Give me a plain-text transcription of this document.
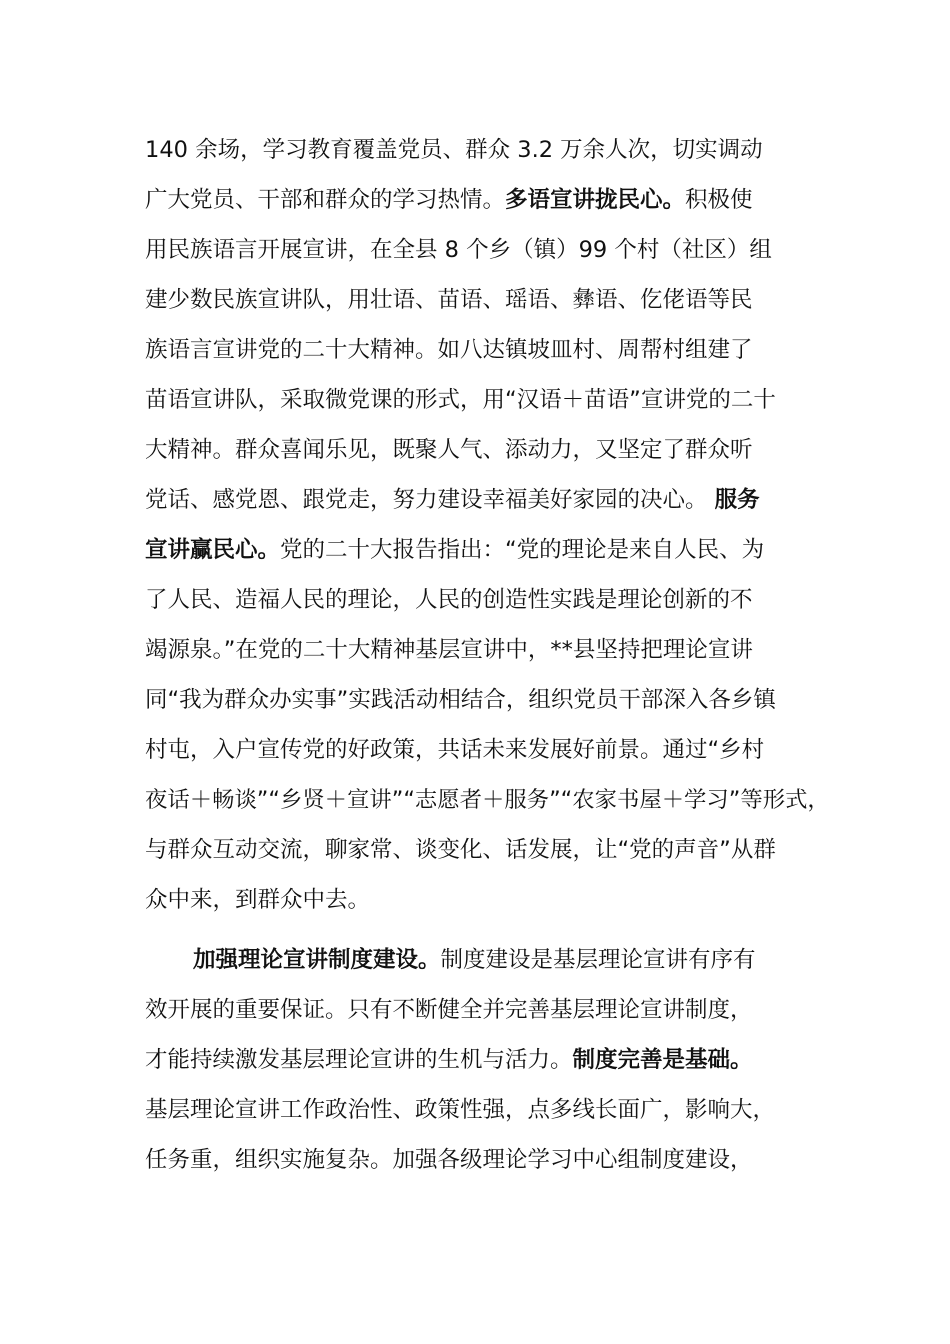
140 余场，学习教育覆盖党员、群众 3.2 万余人次，切实调动
广大党员、干部和群众的学习热情。多语宣讲拢民心。积极使
用民族语言开展宣讲，在全县 8 个乡（镇）99 个村（社区）组
建少数民族宣讲队，用壮语、苗语、瑶语、彝语、仡佬语等民
族语言宣讲党的二十大精神。如八达镇坡皿村、周帮村组建了
苗语宣讲队，采取微党课的形式，用“汉语＋苗语”宣讲党的二十
大精神。群众喜闻乐见，既聚人气、添动力，又坚定了群众听
党话、感党恩、跟党走，努力建设幸福美好家园的决心。 服务
宣讲赢民心。党的二十大报告指出：“党的理论是来自人民、为
了人民、造福人民的理论，人民的创造性实践是理论创新的不
竭源泉。”在党的二十大精神基层宣讲中，**县坚持把理论宣讲
同“我为群众办实事”实践活动相结合，组织党员干部深入各乡镇
村屯，入户宣传党的好政策，共话未来发展好前景。通过“乡村
夜话＋畅谈”“乡贤＋宣讲”“志愿者＋服务”“农家书屋＋学习”等形式，
与群众互动交流，聊家常、谈变化、话发展，让“党的声音”从群
众中来，到群众中去。
加强理论宣讲制度建设。制度建设是基层理论宣讲有序有
效开展的重要保证。只有不断健全并完善基层理论宣讲制度，
才能持续激发基层理论宣讲的生机与活力。制度完善是基础。
基层理论宣讲工作政治性、政策性强，点多线长面广，影响大，
任务重，组织实施复杂。加强各级理论学习中心组制度建设，
